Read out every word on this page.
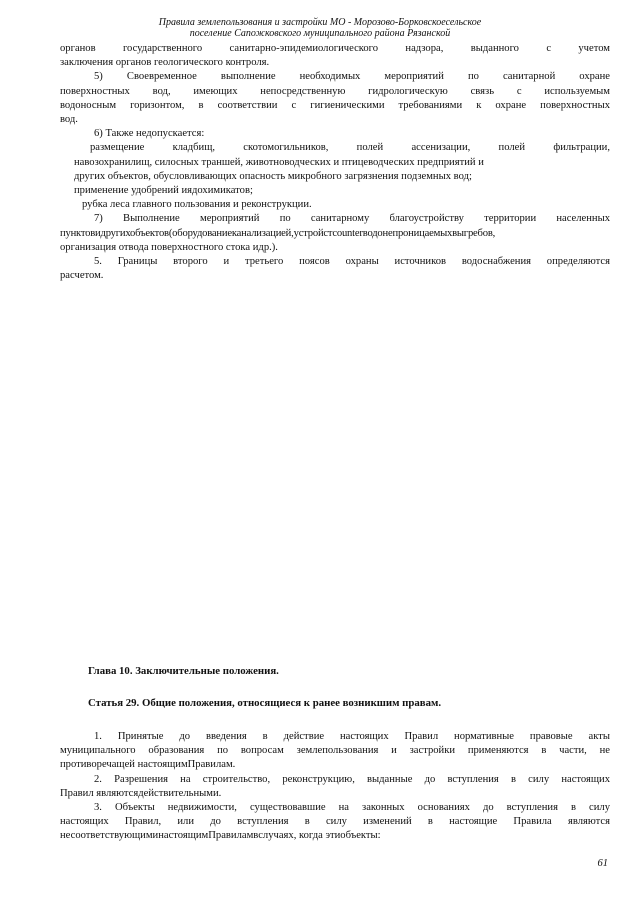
Правила землепользования и застройки МО - Морозово-Борковскоесельское
поселение Сапожковского муниципального района Рязанской

органов государственного санитарно-эпидемиологического надзора, выданного с учетом

заключения органов геологического контроля.

5) Своевременное выполнение необходимых мероприятий по санитарной охране

поверхностных вод, имеющих непосредственную гидрологическую связь с используемым

водоносным горизонтом, в соответствии с гигиеническими требованиями к охране поверхностных

вод.

6) Также недопускается:

размещение кладбищ, скотомогильников, полей ассенизации, полей фильтрации,

навозохранилищ, силосных траншей, животноводческих и птицеводческих предприятий и

других объектов, обусловливающих опасность микробного загрязнения подземных вод;

применение удобрений иядохимикатов;

рубка леса главного пользования и реконструкции.

7) Выполнение мероприятий по санитарному благоустройству территории населенных

пунктовидругихобъектов(оборудованиеканализацией,устройстcounterводонепроницаемыхвыгребов,

организация отвода поверхностного стока идр.).

5. Границы второго и третьего поясов охраны источников водоснабжения определяются

расчетом.

Глава 10. Заключительные положения.
Статья 29. Общие положения, относящиеся к ранее возникшим правам.

1. Принятые до введения в действие настоящих Правил нормативные правовые акты

муниципального образования по вопросам землепользования и застройки применяются в части, не

противоречащей настоящимПравилам.

2. Разрешения на строительство, реконструкцию, выданные до вступления в силу настоящих

Правил являютсядействительными.

3. Объекты недвижимости, существовавшие на законных основаниях до вступления в силу

настоящих Правил, или до вступления в силу изменений в настоящие Правила являются

несоответствующиминастоящимПравиламвслучаях, когда этиобъекты:

61
